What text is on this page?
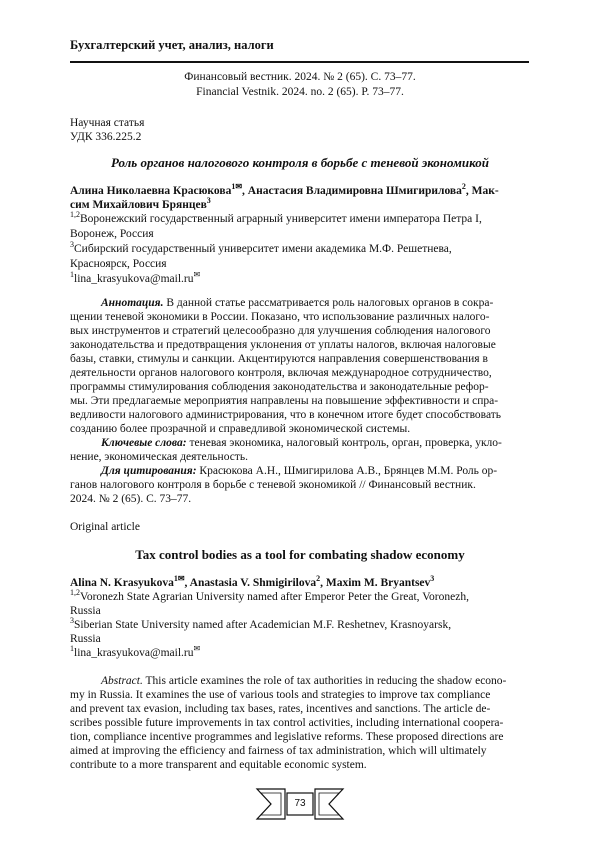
Бухгалтерский учет, анализ, налоги
Финансовый вестник. 2024. № 2 (65). С. 73–77.
Financial Vestnik. 2024. no. 2 (65). P. 73–77.
Научная статья
УДК 336.225.2
Роль органов налогового контроля в борьбе с теневой экономикой
Алина Николаевна Красюкова$^{1✉}$, Анастасия Владимировна Шмигирилова$^2$, Мак-
сим Михайлович Брянцев$^3$
$^{1,2}$Воронежский государственный аграрный университет имени императора Петра I,
Воронеж, Россия
$^3$Сибирский государственный университет имени академика М.Ф. Решетнева,
Красноярск, Россия
$^1$lina_krasyukova@mail.ru✉
Аннотация. В данной статье рассматривается роль налоговых органов в сокра-
щении теневой экономики в России. Показано, что использование различных налого-
вых инструментов и стратегий целесообразно для улучшения соблюдения налогового
законодательства и предотвращения уклонения от уплаты налогов, включая налоговые
базы, ставки, стимулы и санкции. Акцентируются направления совершенствования в
деятельности органов налогового контроля, включая международное сотрудничество,
программы стимулирования соблюдения законодательства и законодательные рефор-
мы. Эти предлагаемые мероприятия направлены на повышение эффективности и спра-
ведливости налогового администрирования, что в конечном итоге будет способствовать
созданию более прозрачной и справедливой экономической системы.
Ключевые слова: теневая экономика, налоговый контроль, орган, проверка, укло-
нение, экономическая деятельность.
Для цитирования: Красюкова А.Н., Шмигирилова А.В., Брянцев М.М. Роль ор-
ганов налогового контроля в борьбе с теневой экономикой // Финансовый вестник.
2024. № 2 (65). С. 73–77.
Original article
Tax control bodies as a tool for combating shadow economy
Alina N. Krasyukova$^{1✉}$, Anastasia V. Shmigirilova$^2$, Maxim M. Bryantsev$^3$
$^{1,2}$Voronezh State Agrarian University named after Emperor Peter the Great, Voronezh,
Russia
$^3$Siberian State University named after Academician M.F. Reshetnev, Krasnoyarsk,
Russia
$^1$lina_krasyukova@mail.ru✉
Abstract. This article examines the role of tax authorities in reducing the shadow econo-
my in Russia. It examines the use of various tools and strategies to improve tax compliance
and prevent tax evasion, including tax bases, rates, incentives and sanctions. The article de-
scribes possible future improvements in tax control activities, including international coopera-
tion, compliance incentive programmes and legislative reforms. These proposed directions are
aimed at improving the efficiency and fairness of tax administration, which will ultimately
contribute to a more transparent and equitable economic system.
73
